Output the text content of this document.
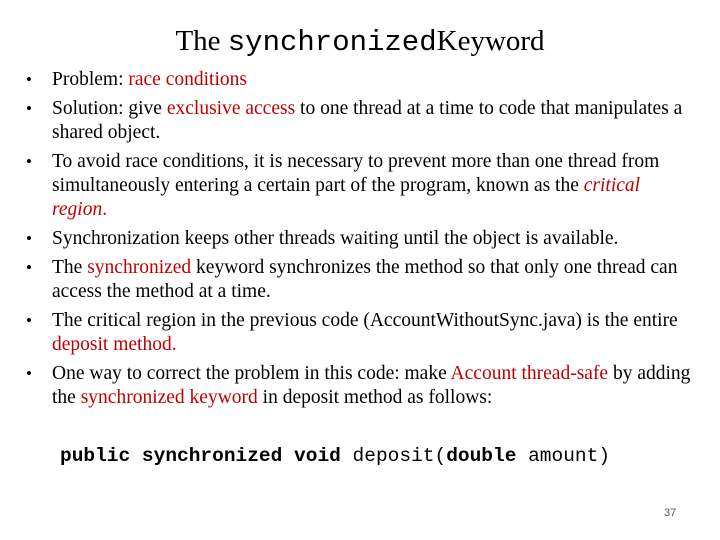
The synchronizedKeyword
• Problem: race conditions
• Solution: give exclusive access to one thread at a time to code that manipulates a shared object.
• To avoid race conditions, it is necessary to prevent more than one thread from simultaneously entering a certain part of the program, known as the critical region.
• Synchronization keeps other threads waiting until the object is available.
• The synchronized keyword synchronizes the method so that only one thread can access the method at a time.
• The critical region in the previous code (AccountWithoutSync.java) is the entire deposit method.
• One way to correct the problem in this code: make Account thread-safe by adding the synchronized keyword in deposit method as follows:
public synchronized void deposit(double amount)
37
